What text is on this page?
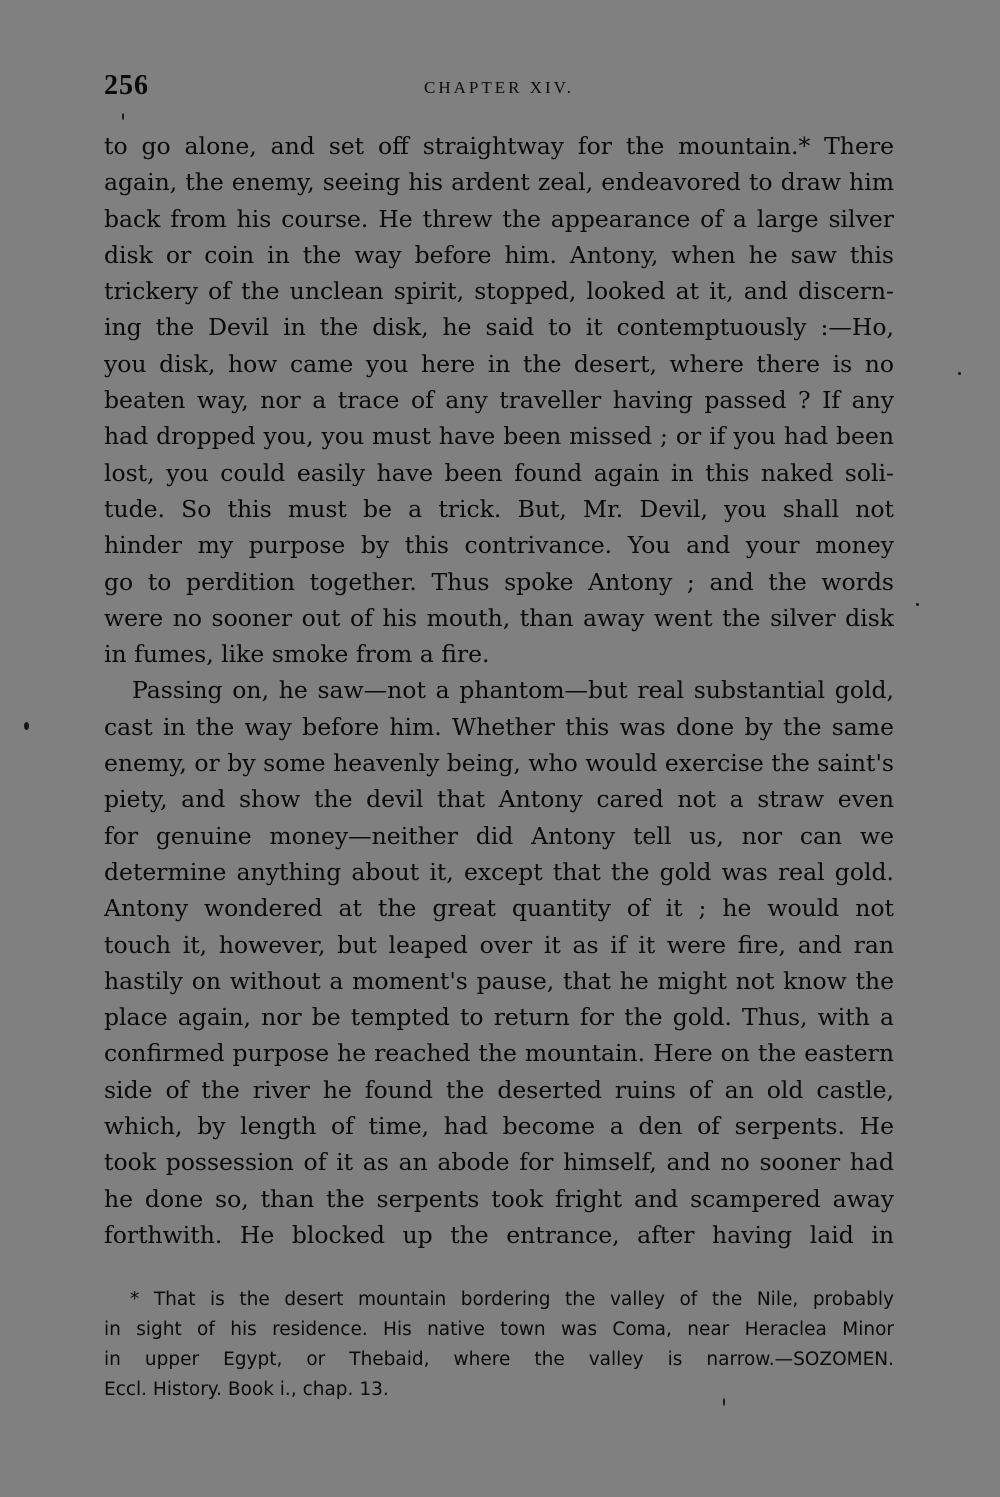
256	CHAPTER XIV.
to go alone, and set off straightway for the mountain.* There
again, the enemy, seeing his ardent zeal, endeavored to draw him
back from his course. He threw the appearance of a large silver
disk or coin in the way before him. Antony, when he saw this
trickery of the unclean spirit, stopped, looked at it, and discern-
ing the Devil in the disk, he said to it contemptuously :—Ho,
you disk, how came you here in the desert, where there is no
beaten way, nor a trace of any traveller having passed ? If any
had dropped you, you must have been missed ; or if you had been
lost, you could easily have been found again in this naked soli-
tude. So this must be a trick. But, Mr. Devil, you shall not
hinder my purpose by this contrivance. You and your money
go to perdition together. Thus spoke Antony ; and the words
were no sooner out of his mouth, than away went the silver disk
in fumes, like smoke from a fire.
Passing on, he saw—not a phantom—but real substantial gold,
cast in the way before him. Whether this was done by the same
enemy, or by some heavenly being, who would exercise the saint's
piety, and show the devil that Antony cared not a straw even
for genuine money—neither did Antony tell us, nor can we
determine anything about it, except that the gold was real gold.
Antony wondered at the great quantity of it ; he would not
touch it, however, but leaped over it as if it were fire, and ran
hastily on without a moment's pause, that he might not know the
place again, nor be tempted to return for the gold. Thus, with a
confirmed purpose he reached the mountain. Here on the eastern
side of the river he found the deserted ruins of an old castle,
which, by length of time, had become a den of serpents. He
took possession of it as an abode for himself, and no sooner had
he done so, than the serpents took fright and scampered away
forthwith. He blocked up the entrance, after having laid in
* That is the desert mountain bordering the valley of the Nile, probably
in sight of his residence. His native town was Coma, near Heraclea Minor
in upper Egypt, or Thebaid, where the valley is narrow.—SOZOMEN.
Eccl. History. Book i., chap. 13.
